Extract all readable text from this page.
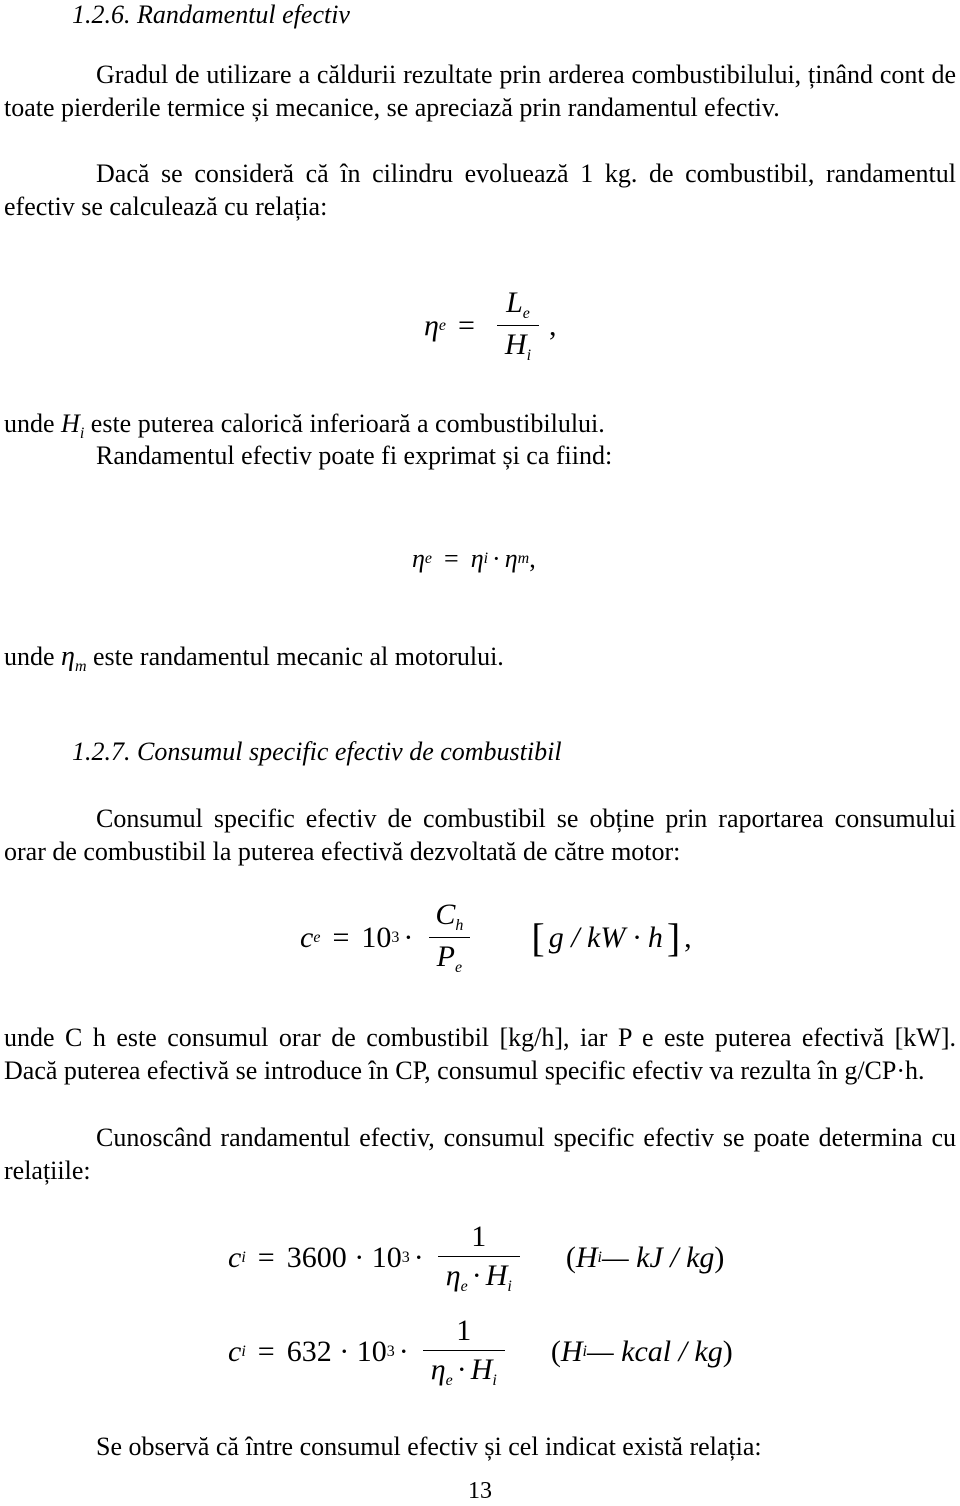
1.2.6. Randamentul efectiv

Gradul de utilizare a căldurii rezultate prin arderea combustibilului, ținând cont de toate pierderile termice și mecanice, se apreciază prin randamentul efectiv.

Dacă se consideră că în cilindru evoluează 1 kg. de combustibil, randamentul efectiv se calculează cu relația:

η $e = \frac{L_e}{H_i}$ ,
unde $H_i$ este puterea calorică inferioară a combustibilului.
Randamentul efectiv poate fi exprimat și ca fiind:
η e = η i · η m ,
unde $\eta_m$ este randamentul mecanic al motorului.
1.2.7. Consumul specific efectiv de combustibil

Consumul specific efectiv de combustibil se obține prin raportarea consumului orar de combustibil la puterea efectivă dezvoltată de către motor:

c e = 10 $3 \cdot \frac{C_h}{P_e}$ [ g / kW · h ] ,

unde C h este consumul orar de combustibil [kg/h], iar P e este puterea efectivă [kW]. Dacă puterea efectivă se introduce în CP, consumul specific efectiv va rezulta în g/CP·h.

Cunoscând randamentul efectiv, consumul specific efectiv se poate determina cu relațiile:

c i = 3600 · 10 $3 \cdot \frac{1}{\eta_e \cdot H_i}$ ( H i — kJ / kg )
c i = 632 · 10 $3 \cdot \frac{1}{\eta_e \cdot H_i}$ ( H i — kcal / kg )
Se observă că între consumul efectiv și cel indicat există relația:
13
